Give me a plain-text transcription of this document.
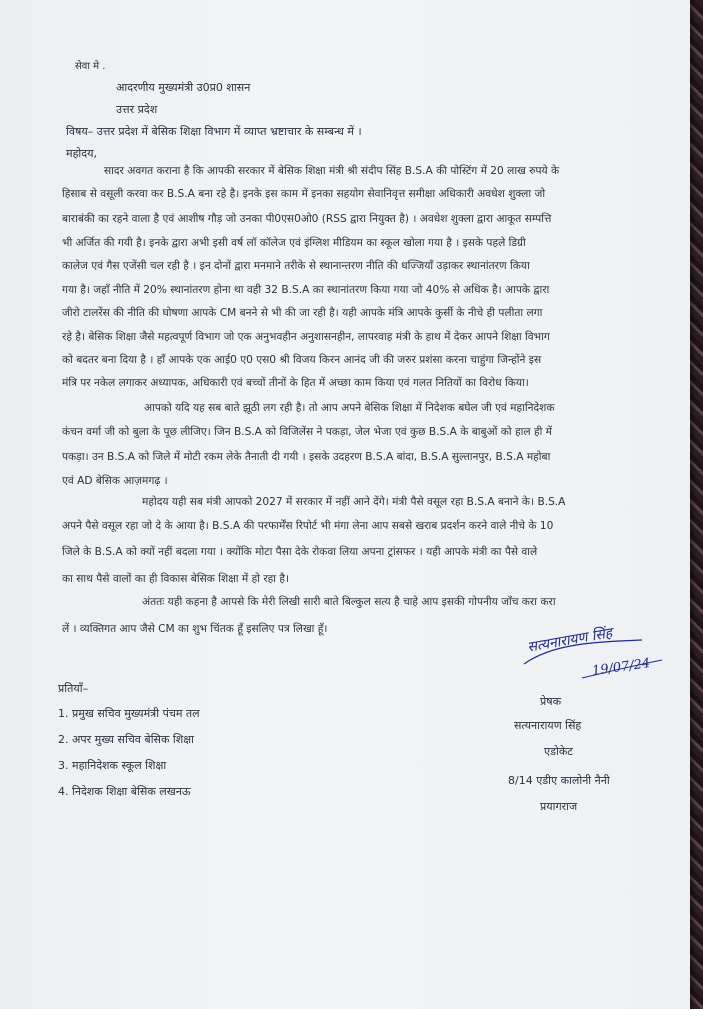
सेवा मे .
आदरणीय मुख्यमंत्री उ0प्र0 शासन
उत्तर प्रदेश
विषय– उत्तर प्रदेश में बेसिक शिक्षा विभाग में व्याप्त भ्रष्टाचार के सम्बन्ध में ।
महोदय,
सादर अवगत कराना है कि आपकी सरकार में बेसिक शिक्षा मंत्री श्री संदीप सिंह B.S.A की पोस्टिंग में 20 लाख रुपये के
हिसाब से वसूली करवा कर B.S.A बना रहे है। इनके इस काम में इनका सहयोग सेवानिवृत्त समीक्षा अधिकारी अवधेश शुक्ला जो
बाराबंकी का रहने वाला है एवं आशीष गौड़ जो उनका पी0एस0ओ0 (RSS द्वारा नियुक्त है) । अवधेश शुक्ला द्वारा आकूत सम्पत्ति
भी अर्जित की गयी है। इनके द्वारा अभी इसी वर्ष लॉ कॉलेज एवं इंग्लिश मीडियम का स्कूल खोला गया है । इसके पहले डिग्री
कालेज एवं गैस एजेंसी चल रही है । इन दोनों द्वारा मनमाने तरीके से स्थानान्तरण नीति की धज्जियाँ उड़ाकर स्थानांतरण किया
गया है। जहाँ नीति में 20% स्थानांतरण होना था वही 32 B.S.A का स्थानांतरण किया गया जो 40% से अधिक है। आपके द्वारा
जीरो टालरेंस की नीति की घोषणा आपके CM बनने से भी की जा रही है। यही आपके मंत्रि आपके कुर्सी के नीचे ही पलीता लगा
रहे है। बेसिक शिक्षा जैसे महत्वपूर्ण विभाग जो एक अनुभवहीन अनुशासनहीन, लापरवाह मंत्री के हाथ में देकर आपने शिक्षा विभाग
को बदतर बना दिया है । हाँ आपके एक आई0 ए0 एस0 श्री विजय किरन आनंद जी की जरुर प्रशंसा करना चाहुंगा जिन्होंने इस
मंत्रि पर नकेल लगाकर अध्यापक, अधिकारी एवं बच्चों तीनों के हित में अच्छा काम किया एवं गलत नितियों का विरोध किया।
आपको यदि यह सब बाते झूठी लग रही है। तो आप अपने बेसिक शिक्षा में निदेशक बघेल जी एवं महानिदेशक
कंचन वर्मा जी को बुला के पूछ लीजिए। जिन B.S.A को विजिलेंस ने पकड़ा, जेल भेजा एवं कुछ B.S.A के बाबुओं को हाल ही में
पकड़ा। उन B.S.A को जिले में मोटी रकम लेके तैनाती दी गयी । इसके उदहरण B.S.A बांदा, B.S.A सुल्तानपुर, B.S.A महोबा
एवं AD बेसिक आज़मगढ़ ।
महोदय यही सब मंत्री आपको 2027 में सरकार में नहीं आने देंगे। मंत्री पैसे वसूल रहा B.S.A बनाने के। B.S.A
अपने पैसे वसूल रहा जो दे के आया है। B.S.A की परफार्मेंस रिपोर्ट भी मंगा लेना आप सबसे खराब प्रदर्शन करने वाले नीचे के 10
जिले के B.S.A को क्यों नहीं बदला गया । क्योंकि मोटा पैसा देके रोकवा लिया अपना ट्रांसफर । यही आपके मंत्री का पैसे वाले
का साथ पैसे वालों का ही विकास बेसिक शिक्षा में हो रहा है।
अंततः यही कहना है आपसे कि मेरी लिखी सारी बाते बिल्कुल सत्य है चाहे आप इसकी गोपनीय जाँच करा करा
लें । व्यक्तिगत आप जैसे CM का शुभ चिंतक हूँ इसलिए पत्र लिखा हूँ।	सत्यनारायण सिंह
19/07/24
प्रतियाँ–
1. प्रमुख सचिव मुख्यमंत्री पंचम तल
2. अपर मुख्य सचिव बेसिक शिक्षा
3. महानिदेशक स्कूल शिक्षा
4. निदेशक शिक्षा बेसिक लखनऊ
प्रेषक
सत्यनारायण सिंह
एडोकेट
8/14 एडीए कालोनी नैनी
प्रयागराज
